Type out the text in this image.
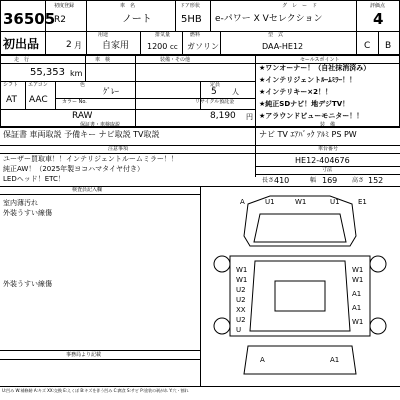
36505
初出品
初度登録
R2
2 月
車　名
ノート
用途
自家用
ドア形状
5HB
排気量
1200 cc
燃料
ガソリン
グ　レ　ー　ド
e-パワー X Vセレクション
型　式
DAA-HE12
評価点
4
C B
走　行
55,353 km
車　検	装備・その他	セールスポイント
シフト エアコン	色	定員
AT AAC
ｸﾞﾚｰ	5 人
カラー No.	リサイクル預託金
RAW	8,190 円
★ワンオーナー！（自社抹消済み）
★インテリジェントﾙｰﾑﾐﾗｰ！！
★インテリキー×2！！
★純正SDナビ！地デジTV！
★アラウンドビューモニター！！
保証書・車検取説
保証書 車両取説 予備キー ナビ取説 TV取説
装　備
ナビ TV ｴｱﾊﾞｯｸ ｱﾙﾐ PS PW
注意事項
ユーザー買取車！！インテリジェントルームミラー！！
純正AW！（2025年製ヨコハマタイヤ付き）
LEDヘッド！ETC！
車台番号
HE12-404676
寸法
長さ 410	幅 169 高さ 152
検査員記入欄
室内薄汚れ
外装うすい線傷
外装うすい線傷
事務局より記載
A	U1	W1	U1	E1
W1
W1
U2
U2
XX
U2
U
W1
W1
A1
A1
W1
A	A1
U:凹み W:補修跡 A:キズ XX:交換 E:えくぼ B:キズを伴う凹み C:腐食 S:サビ P:塗装の剥がれ Y:穴・割れ
